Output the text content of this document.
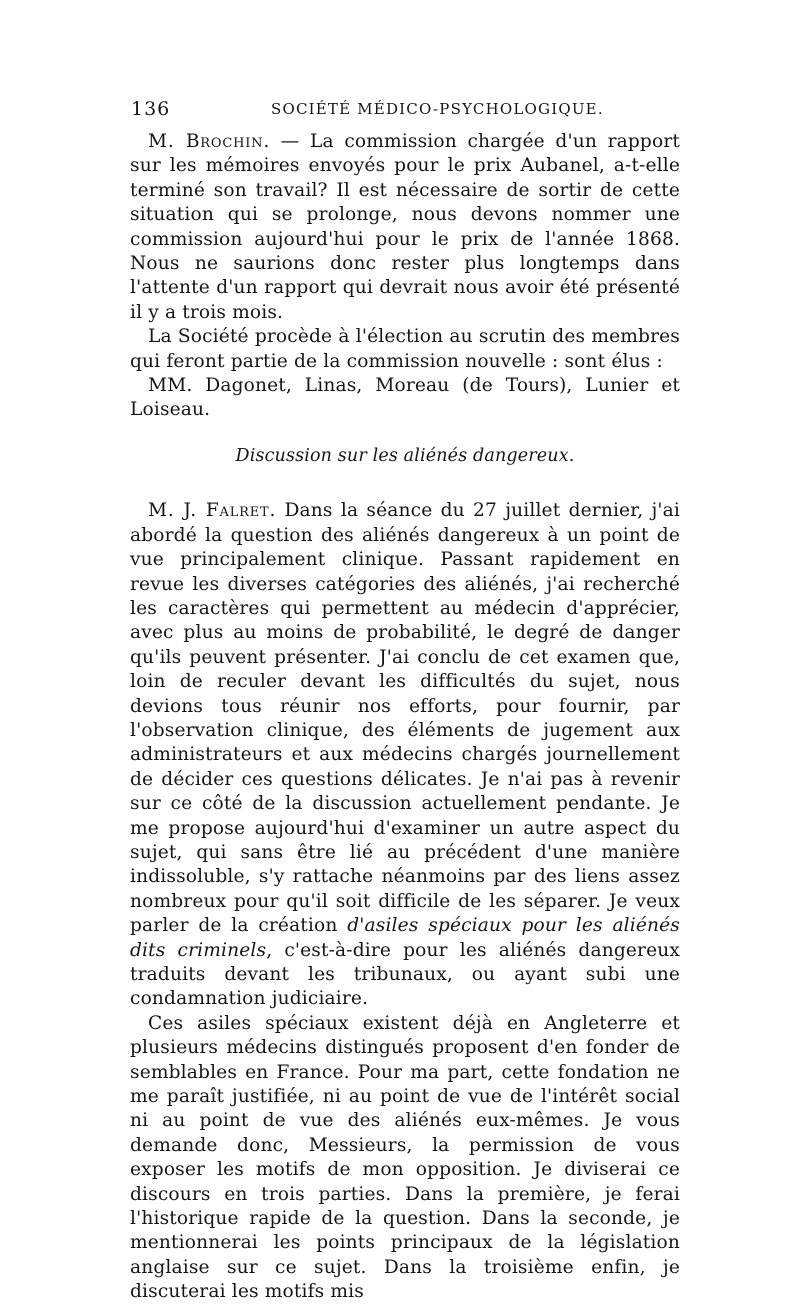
136	SOCIÉTÉ MÉDICO-PSYCHOLOGIQUE.

M. Brochin. — La commission chargée d'un rapport sur les mémoires envoyés pour le prix Aubanel, a-t-elle terminé son travail? Il est nécessaire de sortir de cette situation qui se prolonge, nous devons nommer une commission aujourd'hui pour le prix de l'année 1868. Nous ne saurions donc rester plus longtemps dans l'attente d'un rapport qui devrait nous avoir été présenté il y a trois mois.

La Société procède à l'élection au scrutin des membres qui feront partie de la commission nouvelle : sont élus :

MM. Dagonet, Linas, Moreau (de Tours), Lunier et Loiseau.

Discussion sur les aliénés dangereux.

M. J. Falret. Dans la séance du 27 juillet dernier, j'ai abordé la question des aliénés dangereux à un point de vue principalement clinique. Passant rapidement en revue les diverses catégories des aliénés, j'ai recherché les caractères qui permettent au médecin d'apprécier, avec plus au moins de probabilité, le degré de danger qu'ils peuvent présenter. J'ai conclu de cet examen que, loin de reculer devant les difficultés du sujet, nous devions tous réunir nos efforts, pour fournir, par l'observation clinique, des éléments de jugement aux administrateurs et aux médecins chargés journellement de décider ces questions délicates. Je n'ai pas à revenir sur ce côté de la discussion actuellement pendante. Je me propose aujourd'hui d'examiner un autre aspect du sujet, qui sans être lié au précédent d'une manière indissoluble, s'y rattache néanmoins par des liens assez nombreux pour qu'il soit difficile de les séparer. Je veux parler de la création d'asiles spéciaux pour les aliénés dits criminels, c'est-à-dire pour les aliénés dangereux traduits devant les tribunaux, ou ayant subi une condamnation judiciaire.

Ces asiles spéciaux existent déjà en Angleterre et plusieurs médecins distingués proposent d'en fonder de semblables en France. Pour ma part, cette fondation ne me paraît justifiée, ni au point de vue de l'intérêt social ni au point de vue des aliénés eux-mêmes. Je vous demande donc, Messieurs, la permission de vous exposer les motifs de mon opposition. Je diviserai ce discours en trois parties. Dans la première, je ferai l'historique rapide de la question. Dans la seconde, je mentionnerai les points principaux de la législation anglaise sur ce sujet. Dans la troisième enfin, je discuterai les motifs mis
